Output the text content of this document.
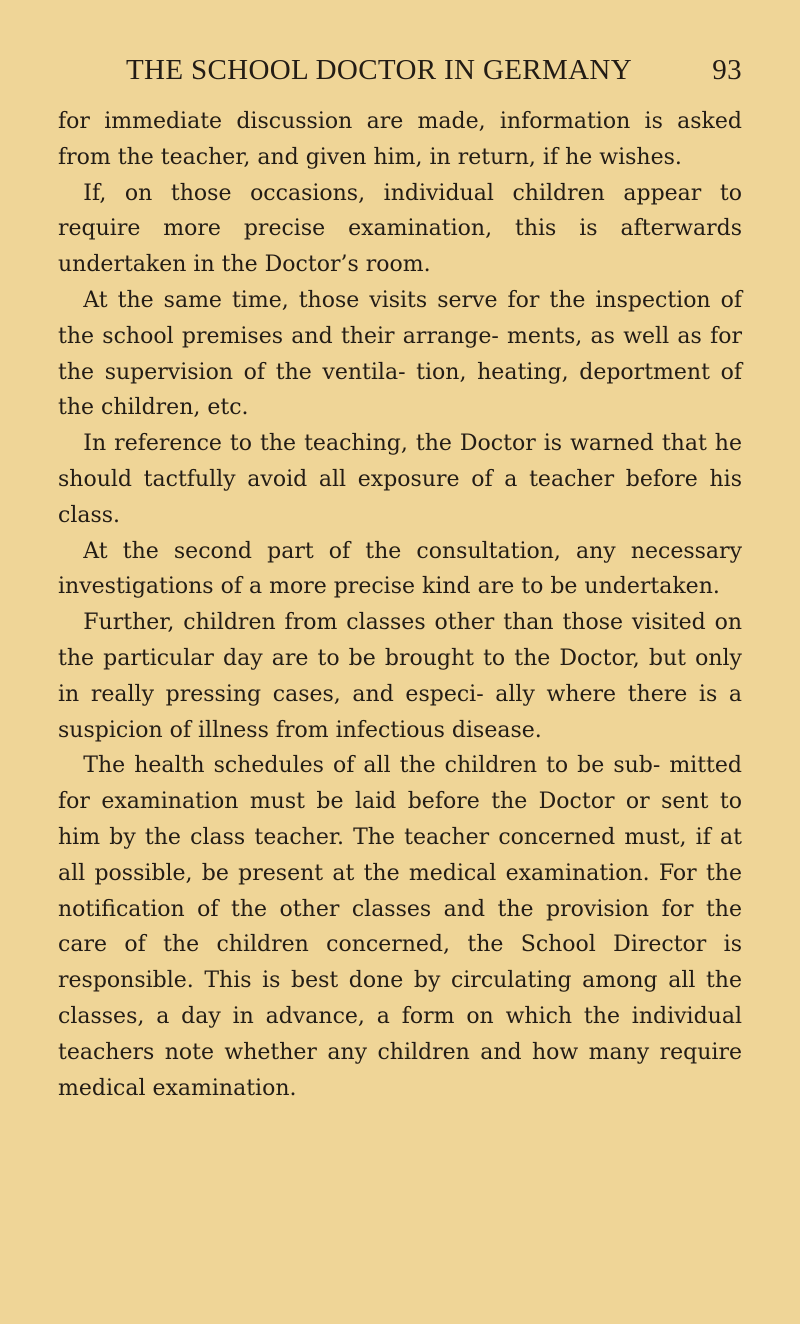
THE SCHOOL DOCTOR IN GERMANY	93

for immediate discussion are made, information is asked from the teacher, and given him, in return, if he wishes.

If, on those occasions, individual children appear to require more precise examination, this is afterwards undertaken in the Doctor’s room.

At the same time, those visits serve for the inspection of the school premises and their arrange- ments, as well as for the supervision of the ventila- tion, heating, deportment of the children, etc.

In reference to the teaching, the Doctor is warned that he should tactfully avoid all exposure of a teacher before his class.

At the second part of the consultation, any necessary investigations of a more precise kind are to be undertaken.

Further, children from classes other than those visited on the particular day are to be brought to the Doctor, but only in really pressing cases, and especi- ally where there is a suspicion of illness from infectious disease.

The health schedules of all the children to be sub- mitted for examination must be laid before the Doctor or sent to him by the class teacher. The teacher concerned must, if at all possible, be present at the medical examination. For the notification of the other classes and the provision for the care of the children concerned, the School Director is responsible. This is best done by circulating among all the classes, a day in advance, a form on which the individual teachers note whether any children and how many require medical examination.
